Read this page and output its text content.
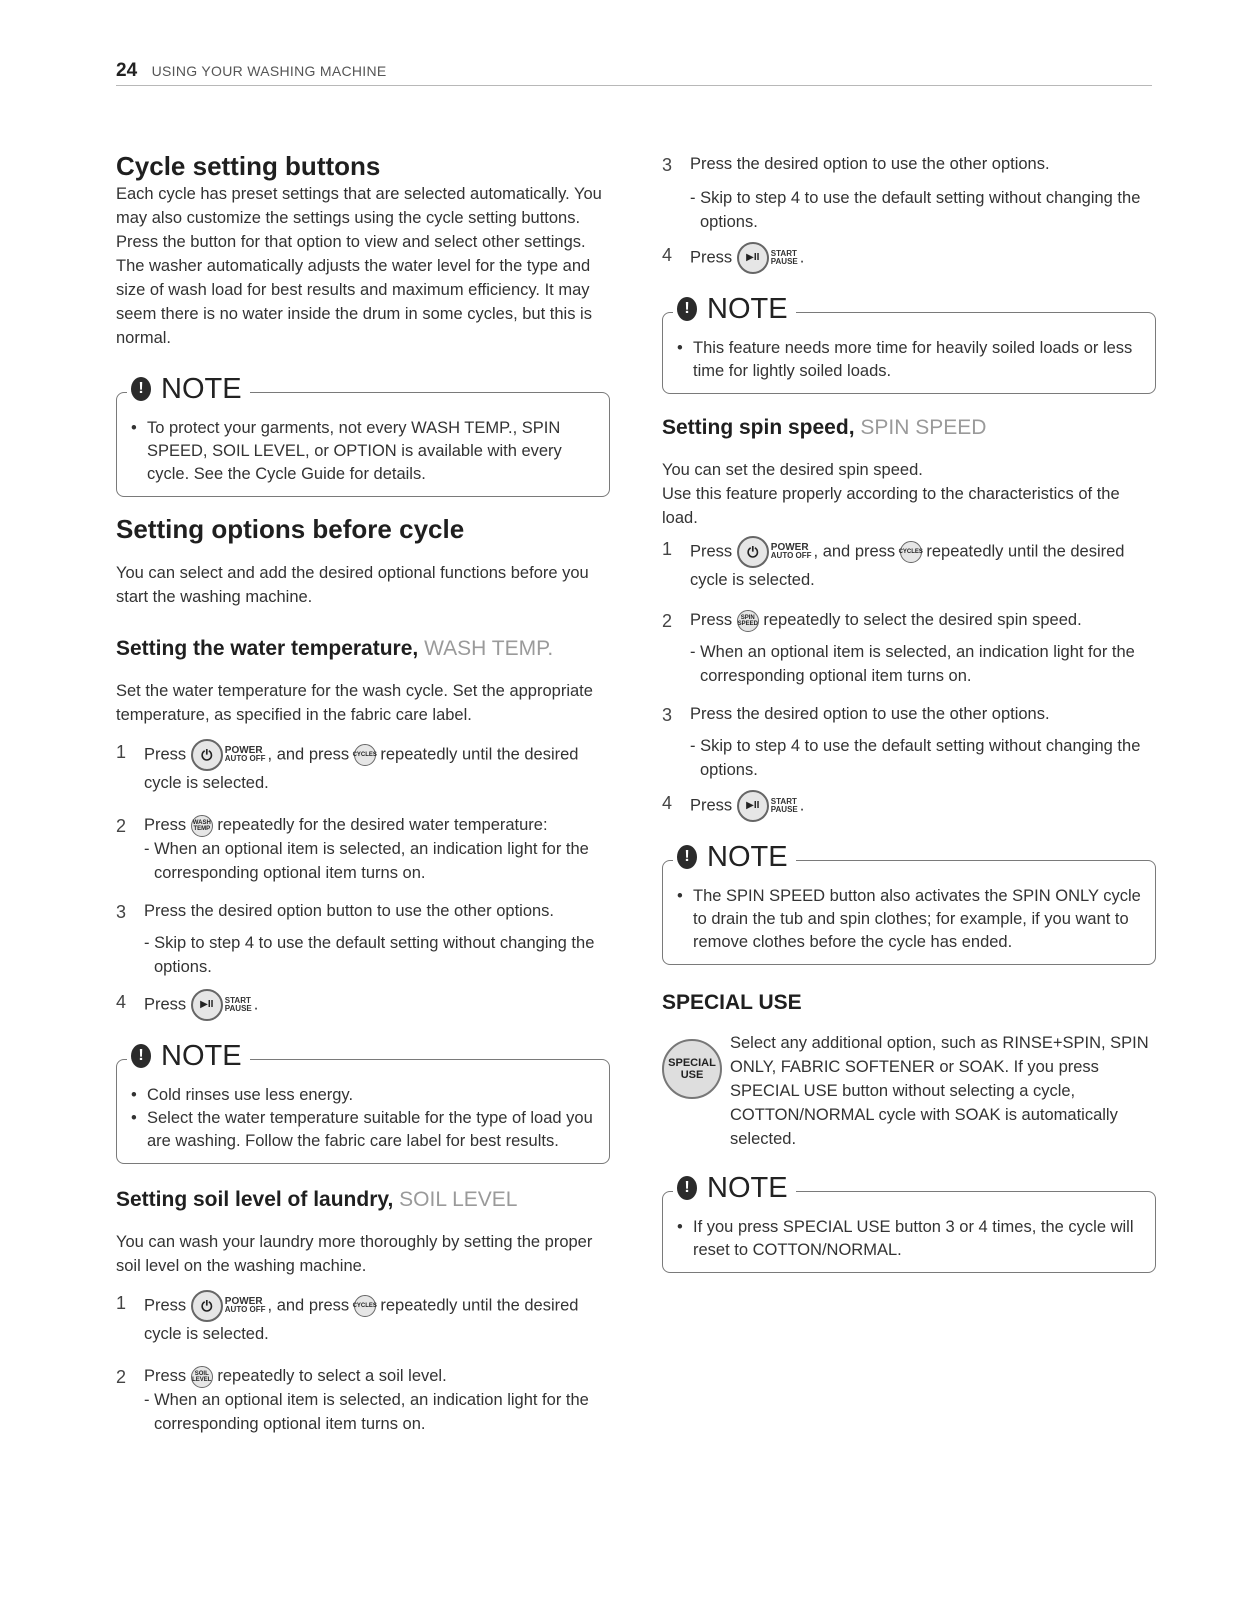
24 USING YOUR WASHING MACHINE
Cycle setting buttons
Each cycle has preset settings that are selected automatically. You may also customize the settings using the cycle setting buttons. Press the button for that option to view and select other settings.
The washer automatically adjusts the water level for the type and size of wash load for best results and maximum efficiency. It may seem there is no water inside the drum in some cycles, but this is normal.
! NOTE
• To protect your garments, not every WASH TEMP., SPIN SPEED, SOIL LEVEL, or OPTION is available with every cycle. See the Cycle Guide for details.
Setting options before cycle
You can select and add the desired optional functions before you start the washing machine.
Setting the water temperature, WASH TEMP.
Set the water temperature for the wash cycle. Set the appropriate temperature, as specified in the fabric care label.
1 Press ⏻ POWER
AUTO OFF , and press CYCLES repeatedly until the desired cycle is selected.
2 Press WASH TEMP repeatedly for the desired water temperature:
- When an optional item is selected, an indication light for the corresponding optional item turns on.
3 Press the desired option button to use the other options.
- Skip to step 4 to use the default setting without changing the options.
4 Press ▶II START
PAUSE .
! NOTE
• Cold rinses use less energy.
• Select the water temperature suitable for the type of load you are washing. Follow the fabric care label for best results.
Setting soil level of laundry, SOIL LEVEL
You can wash your laundry more thoroughly by setting the proper soil level on the washing machine.
1 Press ⏻ POWER
AUTO OFF , and press CYCLES repeatedly until the desired cycle is selected.
2 Press SOIL LEVEL repeatedly to select a soil level.
- When an optional item is selected, an indication light for the corresponding optional item turns on.
3 Press the desired option to use the other options.
- Skip to step 4 to use the default setting without changing the options.
4 Press ▶II START
PAUSE .
! NOTE
• This feature needs more time for heavily soiled loads or less time for lightly soiled loads.
Setting spin speed, SPIN SPEED
You can set the desired spin speed.
Use this feature properly according to the characteristics of the load.
1 Press ⏻ POWER
AUTO OFF , and press CYCLES repeatedly until the desired cycle is selected.
2 Press SPIN SPEED repeatedly to select the desired spin speed.
- When an optional item is selected, an indication light for the corresponding optional item turns on.
3 Press the desired option to use the other options.
- Skip to step 4 to use the default setting without changing the options.
4 Press ▶II START
PAUSE .
! NOTE
• The SPIN SPEED button also activates the SPIN ONLY cycle to drain the tub and spin clothes; for example, if you want to remove clothes before the cycle has ended.
SPECIAL USE
SPECIAL
USE
Select any additional option, such as RINSE+SPIN, SPIN ONLY, FABRIC SOFTENER or SOAK. If you press SPECIAL USE button without selecting a cycle, COTTON/NORMAL cycle with SOAK is automatically selected.
! NOTE
• If you press SPECIAL USE button 3 or 4 times, the cycle will reset to COTTON/NORMAL.
